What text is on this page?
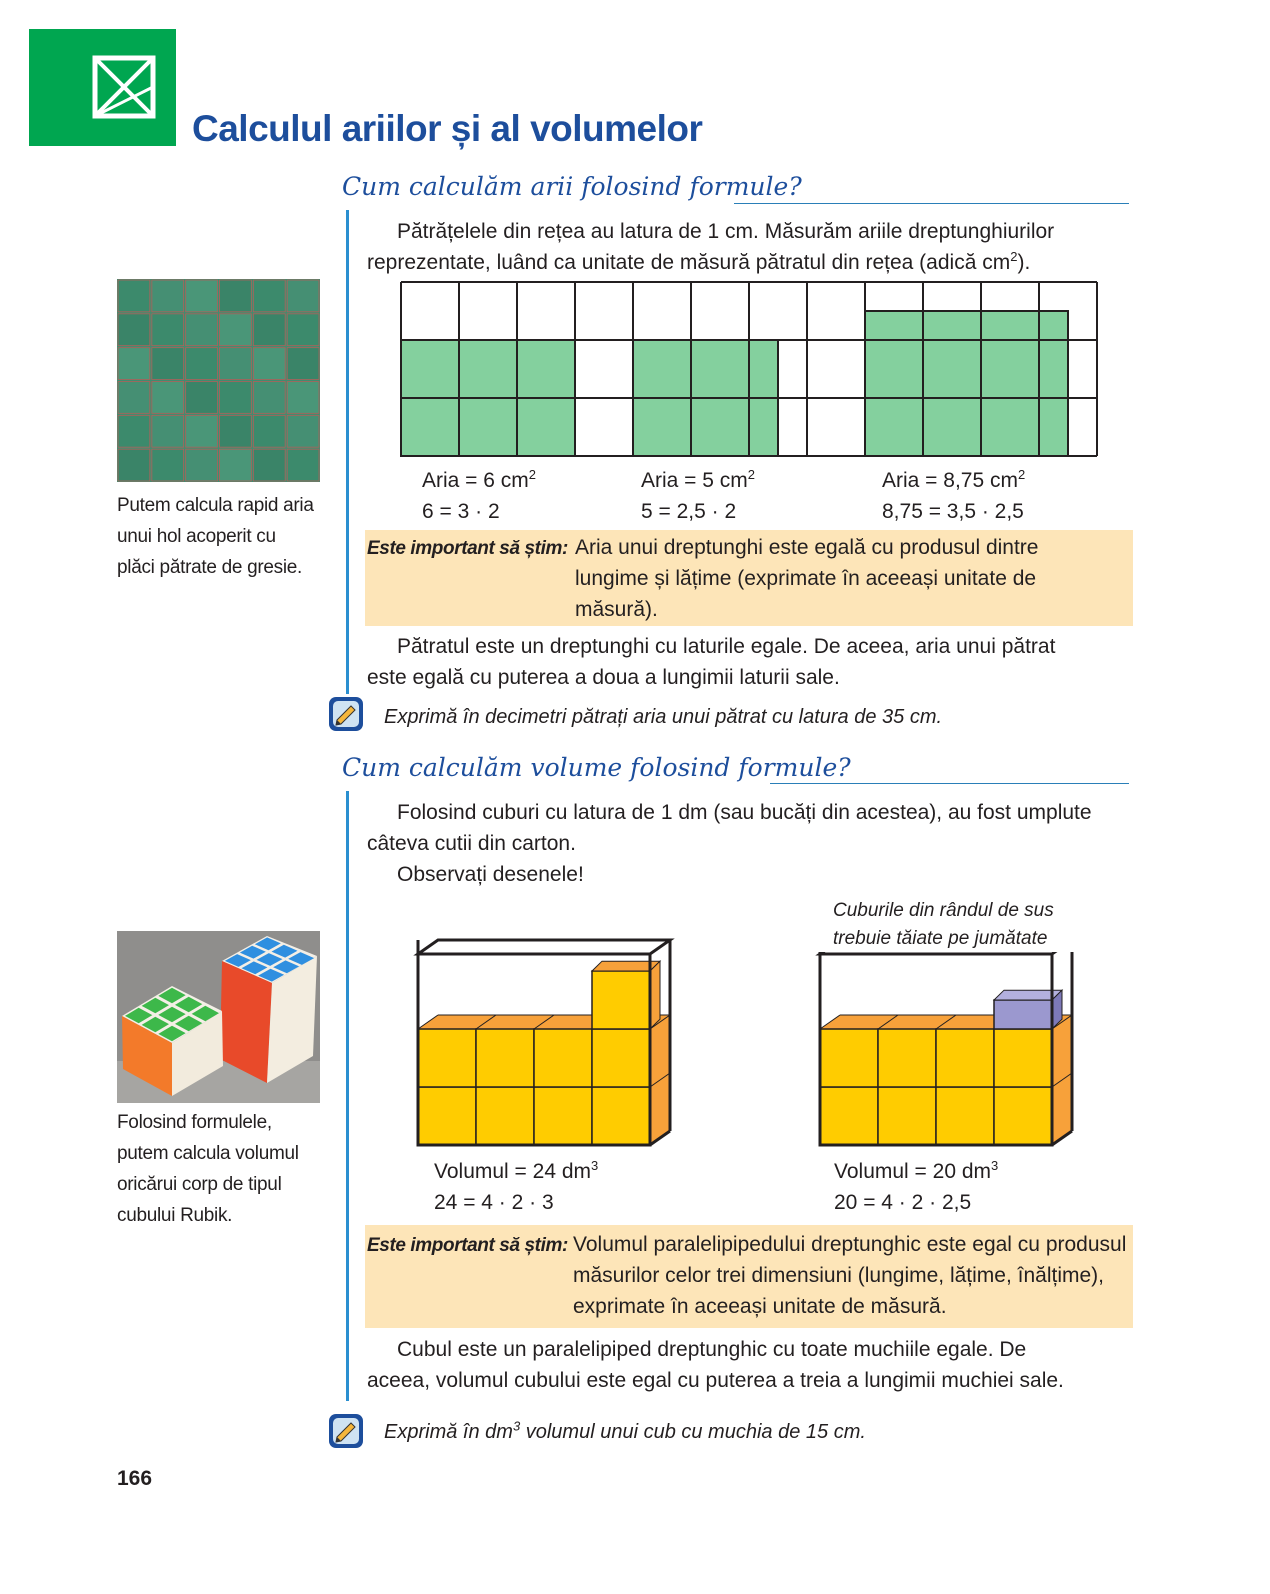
Calculul ariilor și al volumelor
Cum calculăm arii folosind formule?
Pătrățelele din rețea au latura de 1 cm. Măsurăm ariile dreptunghiurilor
reprezentate, luând ca unitate de măsură pătratul din rețea (adică $cm^2$).
Putem calcula rapid aria
unui hol acoperit cu
plăci pătrate de gresie.
Aria = 6 $cm^2$
6 = 3 · 2
Aria = 5 $cm^2$
5 = 2,5 · 2
Aria = 8,75 $cm^2$
8,75 = 3,5 · 2,5
Este important să știm: Aria unui dreptunghi este egală cu produsul dintre lungime și lățime (exprimate în aceeași unitate de măsură).
Pătratul este un dreptunghi cu laturile egale. De aceea, aria unui pătrat
este egală cu puterea a doua a lungimii laturii sale.
Exprimă în decimetri pătrați aria unui pătrat cu latura de 35 cm.
Cum calculăm volume folosind formule?
Folosind cuburi cu latura de 1 dm (sau bucăți din acestea), au fost umplute
câteva cutii din carton.
Observați desenele!
Folosind formulele,
putem calcula volumul
oricărui corp de tipul
cubului Rubik.
Cuburile din rândul de sus
trebuie tăiate pe jumătate
Volumul = 24 $dm^3$
24 = 4 · 2 · 3
Volumul = 20 $dm^3$
20 = 4 · 2 · 2,5
Este important să știm: Volumul paralelipipedului dreptunghic este egal cu produsul măsurilor celor trei dimensiuni (lungime, lățime, înălțime), exprimate în aceeași unitate de măsură.
Cubul este un paralelipiped dreptunghic cu toate muchiile egale. De
aceea, volumul cubului este egal cu puterea a treia a lungimii muchiei sale.
Exprimă în $dm^3$ volumul unui cub cu muchia de 15 cm.
166
